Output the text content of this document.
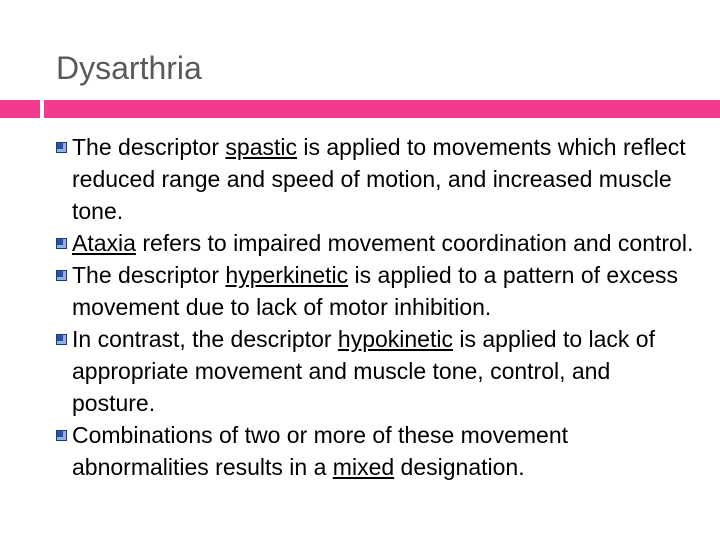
Dysarthria
The descriptor spastic is applied to movements which reflect reduced range and speed of motion, and increased muscle tone.
Ataxia refers to impaired movement coordination and control.
The descriptor hyperkinetic is applied to a pattern of excess movement due to lack of motor inhibition.
In contrast, the descriptor hypokinetic is applied to lack of appropriate movement and muscle tone, control, and posture.
Combinations of two or more of these movement abnormalities results in a mixed designation.
